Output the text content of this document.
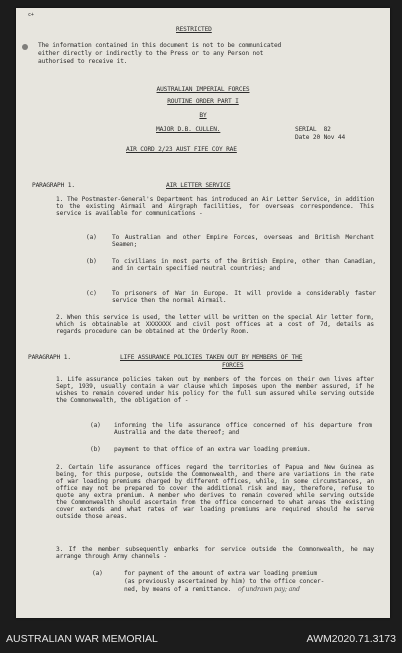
c+
RESTRICTED
The information contained in this document is not to be communicated
either directly or indirectly to the Press or to any Person not
authorised to receive it.
AUSTRALIAN IMPERIAL FORCES
ROUTINE ORDER PART I
BY
MAJOR D.B. CULLEN.	SERIAL  82
Date 20 Nov 44
AIR CORD 2/23 AUST FIFE COY RAE
PARAGRAPH 1.	AIR LETTER SERVICE
1. The Postmaster-General's Department has introduced an Air Letter Service, in addition to the existing Airmail and Airgraph facilities, for overseas correspondence. This service is available for communications -
(a) To Australian and other Empire Forces, overseas and British Merchant Seamen;
(b) To civilians in most parts of the British Empire, other than Canadian, and in certain specified neutral countries; and
(c) To prisoners of War in Europe. It will provide a considerably faster service then the normal Airmail.
2. When this service is used, the letter will be written on the special Air letter form, which is obtainable at XXXXXXX and civil post offices at a cost of 7d, details as regards procedure can be obtained at the Orderly Room.
PARAGRAPH 1.	LIFE ASSURANCE POLICIES TAKEN OUT BY MEMBERS OF THE
FORCES
1. Life assurance policies taken out by members of the forces on their own lives after Sept, 1939, usually contain a war clause which imposes upon the member assured, if he wishes to remain covered under his policy for the full sum assured while serving outside the Commonwealth, the obligation of -
(a) informing the life assurance office concerned of his departure from Australia and the date thereof; and
(b) payment to that office of an extra war loading premium.
2. Certain life assurance offices regard the territories of Papua and New Guinea as being, for this purpose, outside the Commonwealth, and there are variations in the rate of war loading premiums charged by different offices, while, in some circumstances, an office may not be prepared to cover the additional risk and may, therefore, refuse to quote any extra premium. A member who derives to remain covered while serving outside the Commonwealth should ascertain from the office concerned to what areas the existing cover extends and what rates of war loading premiums are required should he serve outside those areas.
3. If the member subsequently embarks for service outside the Commonwealth, he may arrange through Army channels -
(a)	for payment of the amount of extra war loading premium
(as previously ascertained by him) to the office concer-
ned, by means of a remittance. of undrawn pay; and
AUSTRALIAN WAR MEMORIAL	AWM2020.71.3173
